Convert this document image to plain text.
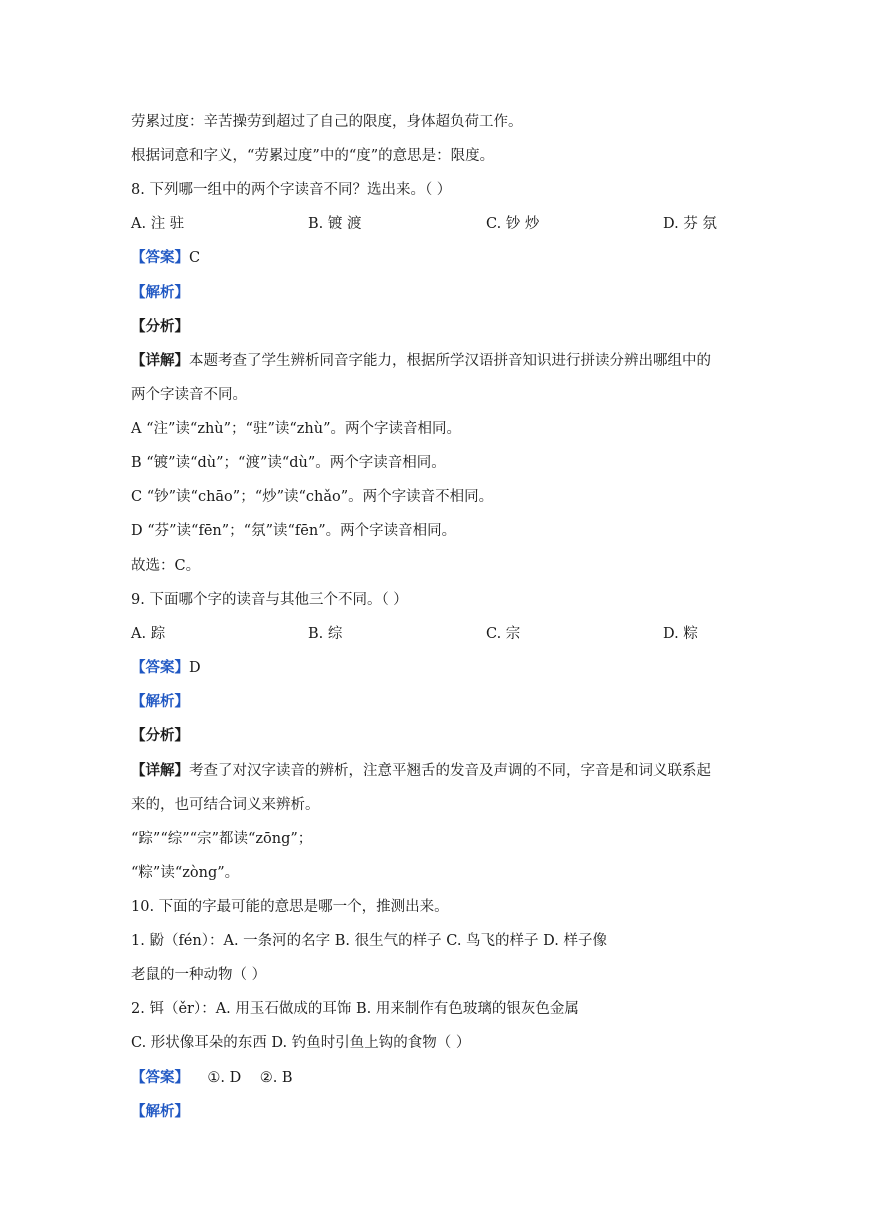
劳累过度：辛苦操劳到超过了自己的限度，身体超负荷工作。

根据词意和字义，“劳累过度”中的“度”的意思是：限度。

8. 下列哪一组中的两个字读音不同？选出来。（ ）

A. 注 驻	B. 镀 渡	C. 钞 炒	D. 芬 氛

【答案】C

【解析】

【分析】

【详解】本题考查了学生辨析同音字能力，根据所学汉语拼音知识进行拼读分辨出哪组中的

两个字读音不同。

A “注”读“zhù”；“驻”读“zhù”。两个字读音相同。

B “镀”读“dù”；“渡”读“dù”。两个字读音相同。

C “钞”读“chāo”；“炒”读“chǎo”。两个字读音不相同。

D “芬”读“fēn”；“氛”读“fēn”。两个字读音相同。

故选：C。

9. 下面哪个字的读音与其他三个不同。（ ）

A. 踪	B. 综	C. 宗	D. 粽

【答案】D

【解析】

【分析】

【详解】考查了对汉字读音的辨析，注意平翘舌的发音及声调的不同，字音是和词义联系起

来的，也可结合词义来辨析。

“踪”“综”“宗”都读“zōng”；

“粽”读“zòng”。

10. 下面的字最可能的意思是哪一个，推测出来。

1. 鼢（fén）：A. 一条河的名字 B. 很生气的样子 C. 鸟飞的样子 D. 样子像

老鼠的一种动物（ ）

2. 铒（ěr）：A. 用玉石做成的耳饰 B. 用来制作有色玻璃的银灰色金属

C. 形状像耳朵的东西 D. 钓鱼时引鱼上钩的食物（ ）

【答案】    ①. D    ②. B

【解析】
